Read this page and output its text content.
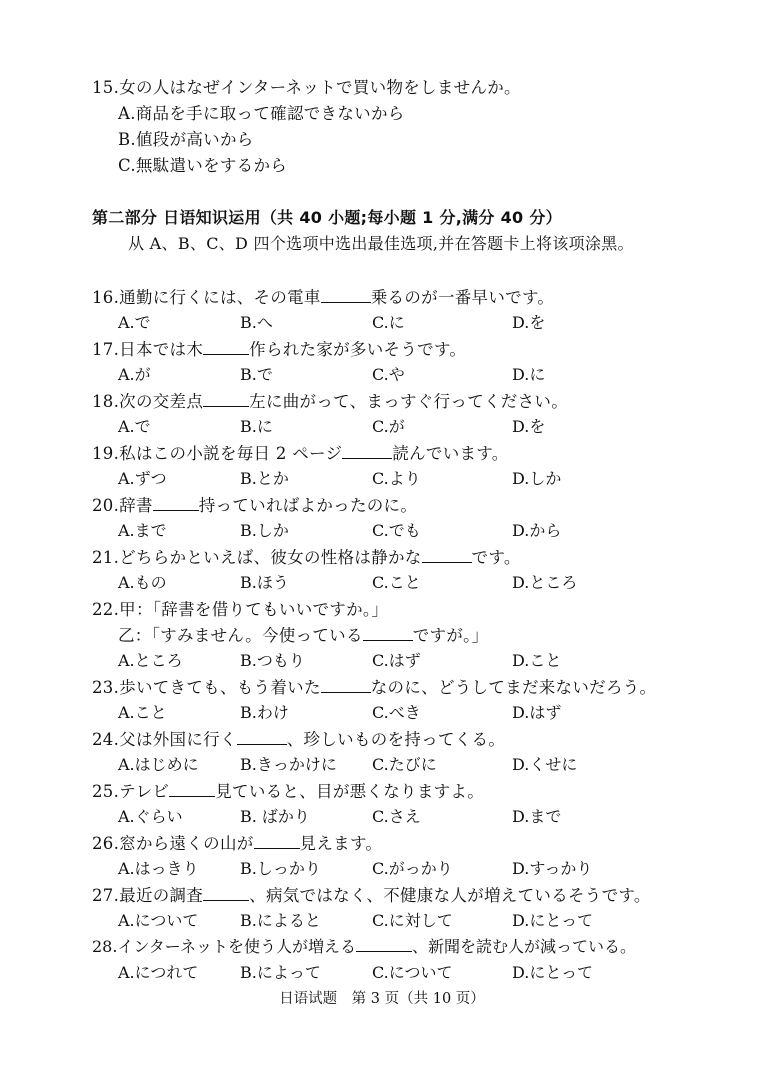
15.女の人はなぜインターネットで買い物をしませんか。
A.商品を手に取って確認できないから
B.値段が高いから
C.無駄遣いをするから
第二部分 日语知识运用（共 40 小题;每小题 1 分,满分 40 分）
从 A、B、C、D 四个选项中选出最佳选项,并在答题卡上将该项涂黑。
16.通勤に行くには、その電車	乗るのが一番早いです。
A.で	B.へ	C.に	D.を
17.日本では木	作られた家が多いそうです。
A.が	B.で	C.や	D.に
18.次の交差点	左に曲がって、まっすぐ行ってください。
A.で	B.に	C.が	D.を
19.私はこの小説を毎日 2 ページ	読んでいます。
A.ずつ	B.とか	C.より	D.しか
20.辞書	持っていればよかったのに。
A.まで	B.しか	C.でも	D.から
21.どちらかといえば、彼女の性格は静かな	です。
A.もの	B.ほう	C.こと	D.ところ
22.甲：「辞書を借りてもいいですか。」
乙：「すみません。今使っている	ですが。」
A.ところ	B.つもり	C.はず	D.こと
23.歩いてきても、もう着いた	なのに、どうしてまだ来ないだろう。
A.こと	B.わけ	C.べき	D.はず
24.父は外国に行く	、珍しいものを持ってくる。
A.はじめに	B.きっかけに C.たびに	D.くせに
25.テレビ	見ていると、目が悪くなりますよ。
A.ぐらい	B. ばかり	C.さえ	D.まで
26.窓から遠くの山が	見えます。
A.はっきり	B.しっかり	C.がっかり	D.すっかり
27.最近の調査	、病気ではなく、不健康な人が増えているそうです。
A.について	B.によると	C.に対して	D.にとって
28.インターネットを使う人が増える	、新聞を読む人が減っている。
A.につれて	B.によって	C.について	D.にとって
日语试题　第 3 页（共 10 页）
